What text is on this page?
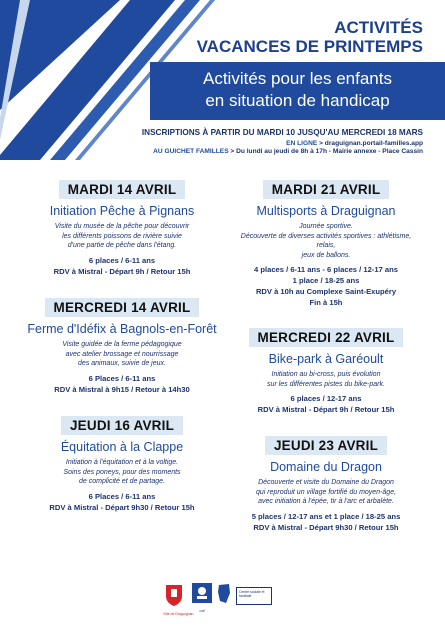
ACTIVITÉS
VACANCES DE PRINTEMPS
Activités pour les enfants
en situation de handicap
INSCRIPTIONS À PARTIR DU MARDI 10 JUSQU'AU MERCREDI 18 MARS
EN LIGNE > draguignan.portail-familles.app
AU GUICHET FAMILLES > Du lundi au jeudi de 8h à 17h - Mairie annexe - Place Cassin
MARDI 14 AVRIL
Initiation Pêche à Pignans
Visite du musée de la pêche pour découvrir
les différents poissons de rivière suivie
d'une partie de pêche dans l'étang.
6 places / 6-11 ans
RDV à Mistral - Départ 9h / Retour 15h
MERCREDI 14 AVRIL
Ferme d'Idéfix à Bagnols-en-Forêt
Visite guidée de la ferme pédagogique
avec atelier brossage et nourrissage
des animaux, suivie de jeux.
6 Places / 6-11 ans
RDV à Mistral à 9h15 / Retour à 14h30
JEUDI 16 AVRIL
Équitation à la Clappe
Initiation à l'équitation et à la voltige.
Soins des poneys, pour des moments
de complicité et de partage.
6 Places / 6-11 ans
RDV à Mistral - Départ 9h30 / Retour 15h
MARDI 21 AVRIL
Multisports à Draguignan
Journée sportive.
Découverte de diverses activités sportives : athlétisme, relais,
jeux de ballons.
4 places / 6-11 ans - 6 places / 12-17 ans
1 place / 18-25 ans
RDV à 10h au Complexe Saint-Exupéry
Fin à 15h
MERCREDI 22 AVRIL
Bike-park à Garéoult
Initiation au bi-cross, puis évolution
sur les différentes pistes du bike-park.
6 places / 12-17 ans
RDV à Mistral - Départ 9h / Retour 15h
JEUDI 23 AVRIL
Domaine du Dragon
Découverte et visite du Domaine du Dragon
qui reproduit un village fortifié du moyen-âge,
avec initiation à l'épée, tir à l'arc et arbalète.
5 places / 12-17 ans et 1 place / 18-25 ans
RDV à Mistral - Départ 9h30 / Retour 15h
Ville de Draguignan
caf
Centre sociale et familiale
